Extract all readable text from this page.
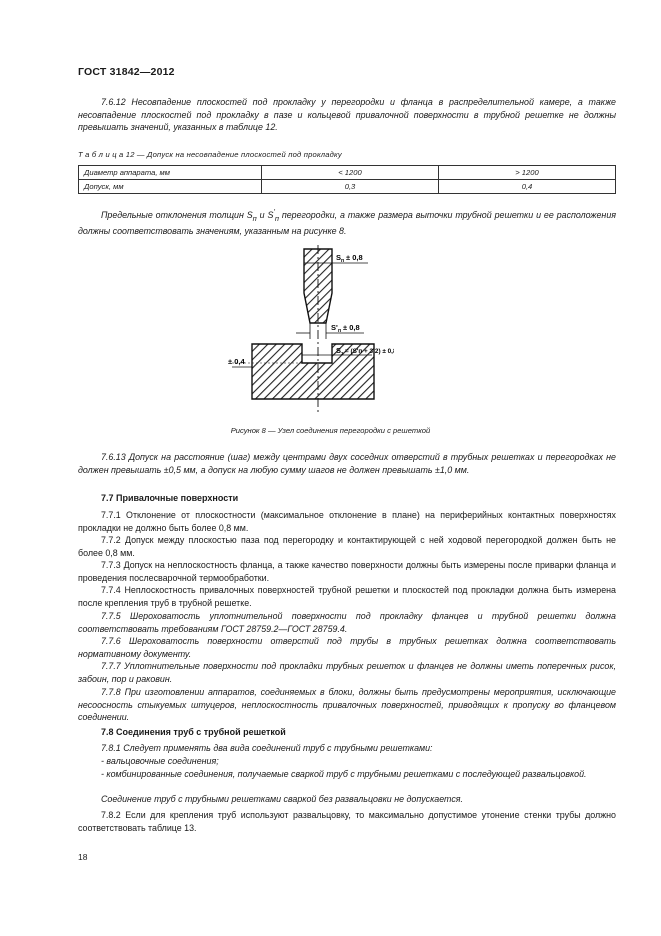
ГОСТ 31842—2012

7.6.12 Несовпадение плоскостей под прокладку у перегородки и фланца в распределительной камере, а также несовпадение плоскостей под прокладку в пазе и кольцевой привалочной поверхности в трубной решетке не должны превышать значений, указанных в таблице 12.

Т а б л и ц а 12 — Допуск на несовпадение плоскостей под прокладку
Диаметр аппарата, мм	< 1200	> 1200
Допуск, мм	0,3	0,4

Предельные отклонения толщин $S_п$ и $S'_п$ перегородки, а также размера выточки трубной решетки и ее расположения должны соответствовать значениям, указанным на рисунке 8.

S п ± 0,8
S' п ± 0,8
S з = (S'п + 3,2) ± 0,8
± 0,4
Рисунок 8 — Узел соединения перегородки с решеткой

7.6.13 Допуск на расстояние (шаг) между центрами двух соседних отверстий в трубных решетках и перегородках не должен превышать ±0,5 мм, а допуск на любую сумму шагов не должен превышать ±1,0 мм.

7.7 Привалочные поверхности

7.7.1 Отклонение от плоскостности (максимальное отклонение в плане) на периферийных контактных поверхностях прокладки не должно быть более 0,8 мм.

7.7.2 Допуск между плоскостью паза под перегородку и контактирующей с ней ходовой перегородкой должен быть не более 0,8 мм.

7.7.3 Допуск на неплоскостность фланца, а также качество поверхности должны быть измерены после приварки фланца и проведения послесварочной термообработки.

7.7.4 Неплоскостность привалочных поверхностей трубной решетки и плоскостей под прокладки должна быть измерена после крепления труб в трубной решетке.

7.7.5 Шероховатость уплотнительной поверхности под прокладку фланцев и трубной решетки должна соответствовать требованиям ГОСТ 28759.2—ГОСТ 28759.4.

7.7.6 Шероховатость поверхности отверстий под трубы в трубных решетках должна соответствовать нормативному документу.

7.7.7 Уплотнительные поверхности под прокладки трубных решеток и фланцев не должны иметь поперечных рисок, забоин, пор и раковин.

7.7.8 При изготовлении аппаратов, соединяемых в блоки, должны быть предусмотрены мероприятия, исключающие несоосность стыкуемых штуцеров, неплоскостность привалочных поверхностей, приводящих к пропуску во фланцевом соединении.

7.8 Соединения труб с трубной решеткой

7.8.1 Следует применять два вида соединений труб с трубными решетками:

- вальцовочные соединения;

- комбинированные соединения, получаемые сваркой труб с трубными решетками с последующей развальцовкой.

Соединение труб с трубными решетками сваркой без развальцовки не допускается.

7.8.2 Если для крепления труб используют развальцовку, то максимально допустимое утонение стенки трубы должно соответствовать таблице 13.

18
